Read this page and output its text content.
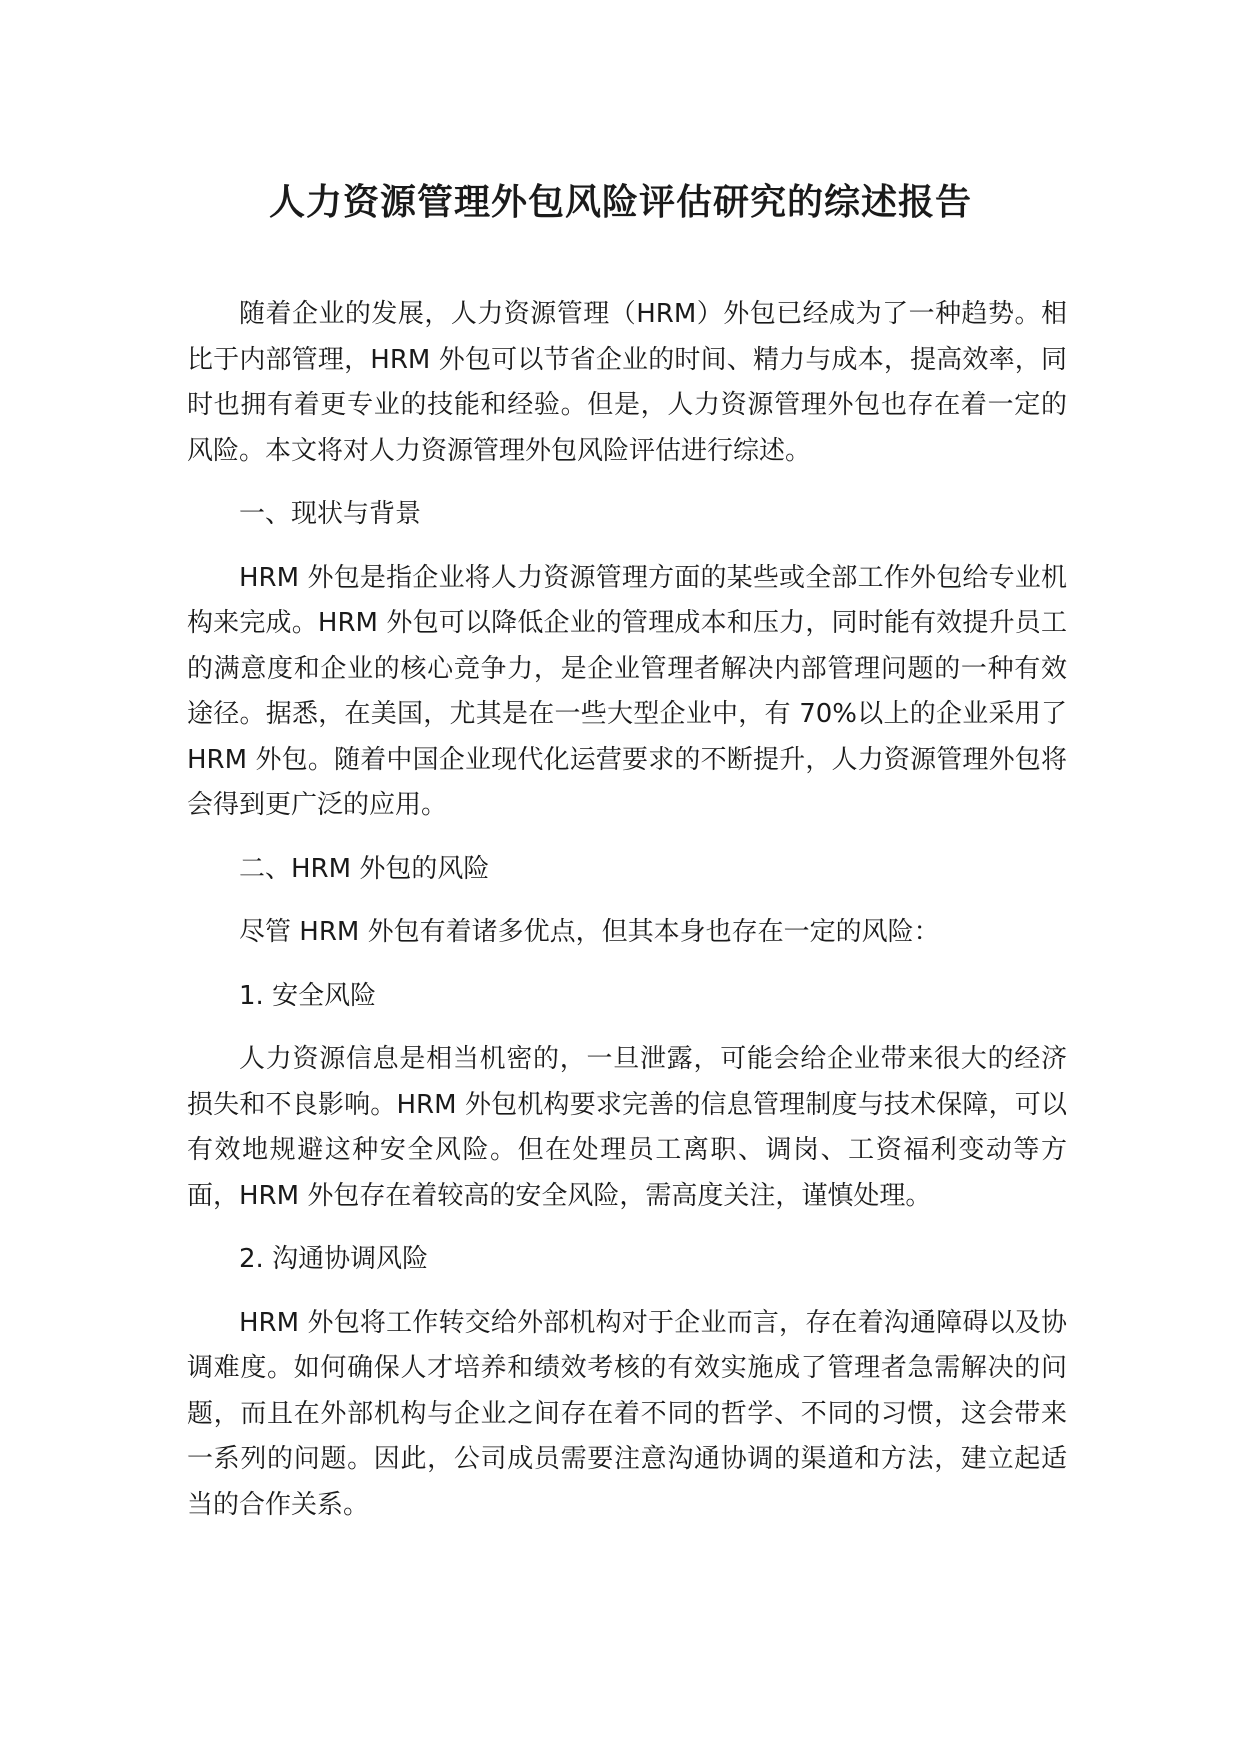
人力资源管理外包风险评估研究的综述报告

随着企业的发展，人力资源管理（HRM）外包已经成为了一种趋势。相比于内部管理，HRM 外包可以节省企业的时间、精力与成本，提高效率，同时也拥有着更专业的技能和经验。但是，人力资源管理外包也存在着一定的风险。本文将对人力资源管理外包风险评估进行综述。

一、现状与背景

HRM 外包是指企业将人力资源管理方面的某些或全部工作外包给专业机构来完成。HRM 外包可以降低企业的管理成本和压力，同时能有效提升员工的满意度和企业的核心竞争力，是企业管理者解决内部管理问题的一种有效途径。据悉，在美国，尤其是在一些大型企业中，有 70%以上的企业采用了 HRM 外包。随着中国企业现代化运营要求的不断提升，人力资源管理外包将会得到更广泛的应用。

二、HRM 外包的风险

尽管 HRM 外包有着诸多优点，但其本身也存在一定的风险：

1. 安全风险

人力资源信息是相当机密的，一旦泄露，可能会给企业带来很大的经济损失和不良影响。HRM 外包机构要求完善的信息管理制度与技术保障，可以有效地规避这种安全风险。但在处理员工离职、调岗、工资福利变动等方面，HRM 外包存在着较高的安全风险，需高度关注，谨慎处理。

2. 沟通协调风险

HRM 外包将工作转交给外部机构对于企业而言，存在着沟通障碍以及协调难度。如何确保人才培养和绩效考核的有效实施成了管理者急需解决的问题，而且在外部机构与企业之间存在着不同的哲学、不同的习惯，这会带来一系列的问题。因此，公司成员需要注意沟通协调的渠道和方法，建立起适当的合作关系。
